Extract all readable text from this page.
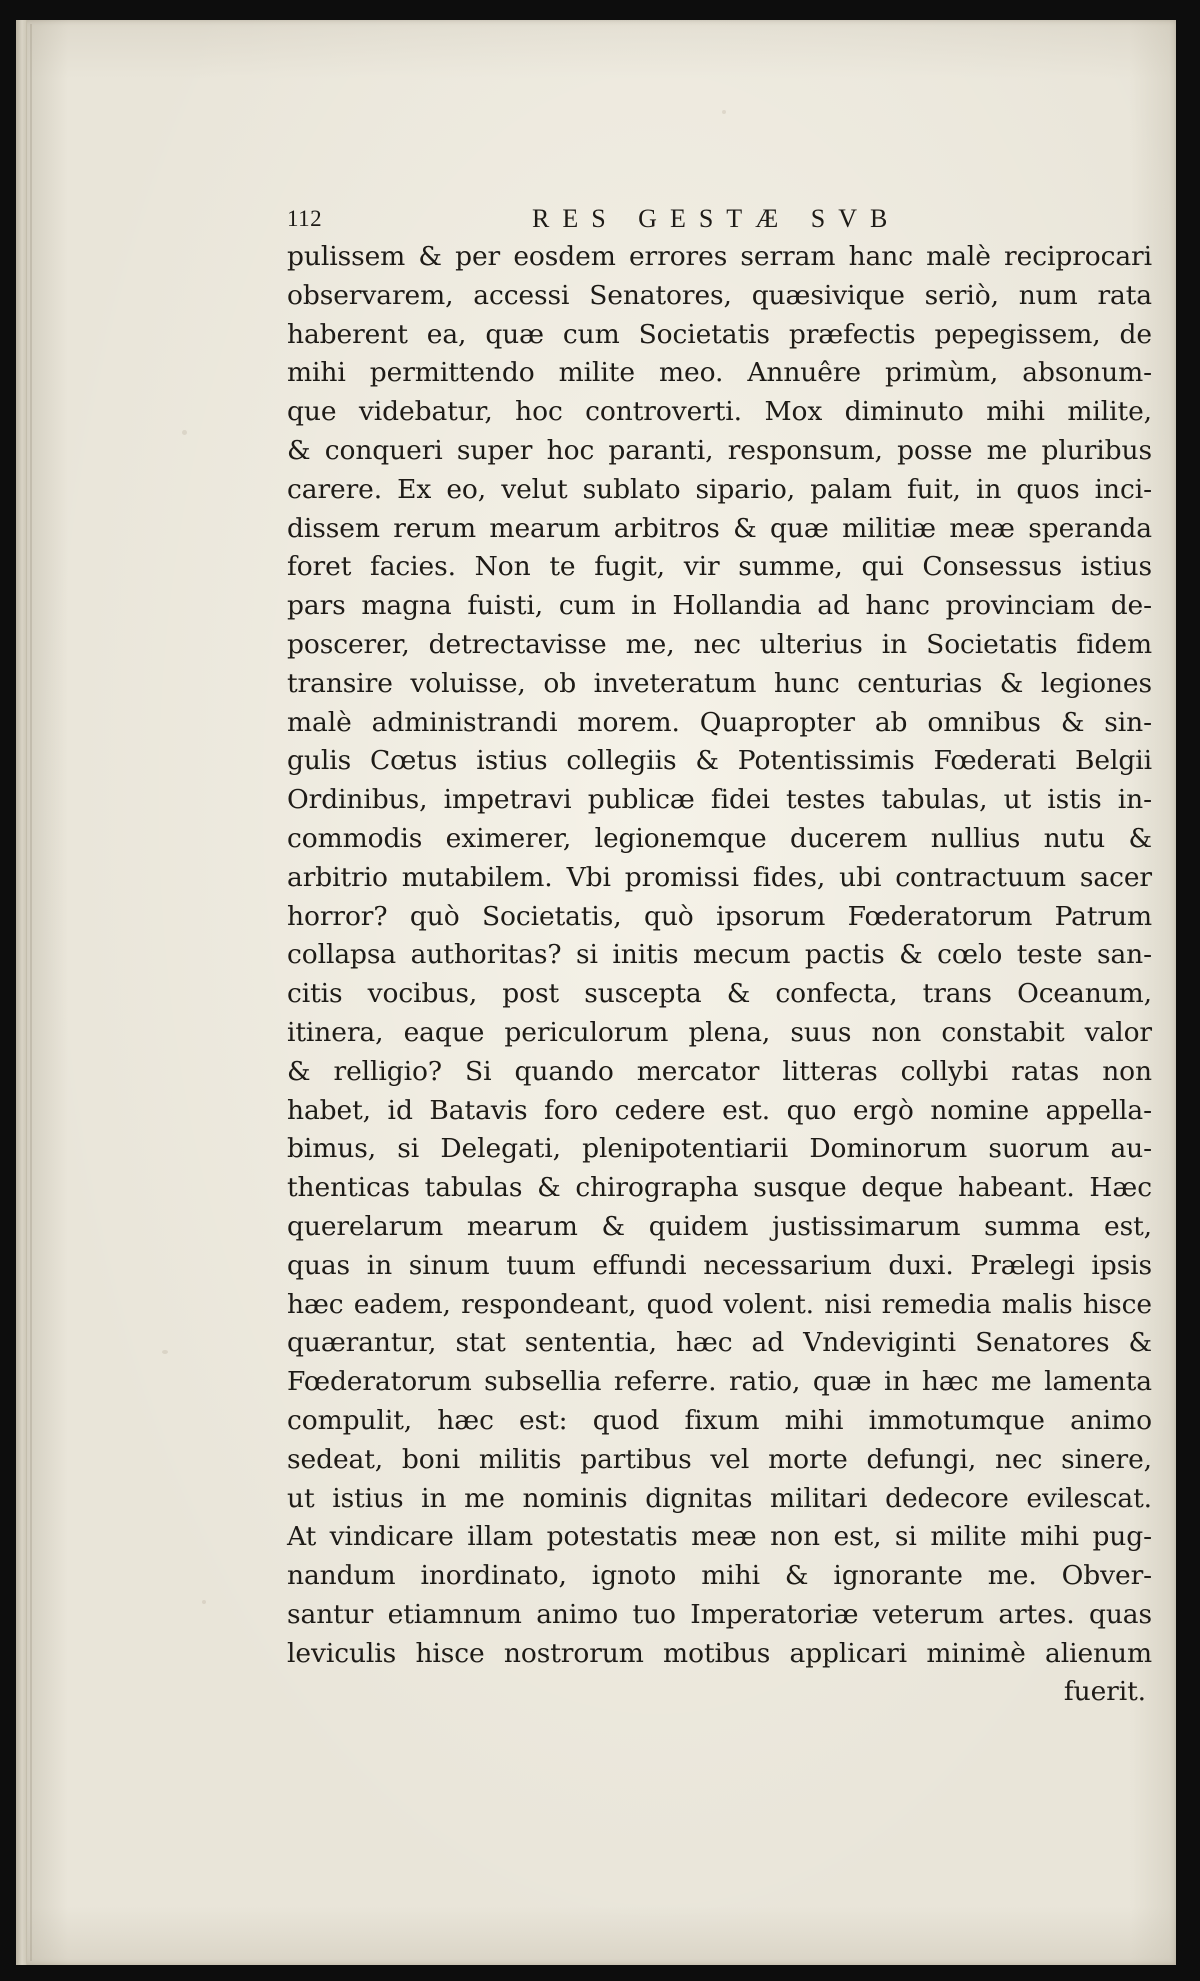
112	RES GESTÆ SVB
pulissem & per eosdem errores serram hanc malè reciprocari
observarem, accessi Senatores, quæsivique seriò, num rata
haberent ea, quæ cum Societatis præfectis pepegissem, de
mihi permittendo milite meo. Annuêre primùm, absonum-
que videbatur, hoc controverti. Mox diminuto mihi milite,
& conqueri super hoc paranti, responsum, posse me pluribus
carere. Ex eo, velut sublato sipario, palam fuit, in quos inci-
dissem rerum mearum arbitros & quæ militiæ meæ speranda
foret facies. Non te fugit, vir summe, qui Consessus istius
pars magna fuisti, cum in Hollandia ad hanc provinciam de-
poscerer, detrectavisse me, nec ulterius in Societatis fidem
transire voluisse, ob inveteratum hunc centurias & legiones
malè administrandi morem. Quapropter ab omnibus & sin-
gulis Cœtus istius collegiis & Potentissimis Fœderati Belgii
Ordinibus, impetravi publicæ fidei testes tabulas, ut istis in-
commodis eximerer, legionemque ducerem nullius nutu &
arbitrio mutabilem. Vbi promissi fides, ubi contractuum sacer
horror? quò Societatis, quò ipsorum Fœderatorum Patrum
collapsa authoritas? si initis mecum pactis & cœlo teste san-
citis vocibus, post suscepta & confecta, trans Oceanum,
itinera, eaque periculorum plena, suus non constabit valor
& relligio? Si quando mercator litteras collybi ratas non
habet, id Batavis foro cedere est. quo ergò nomine appella-
bimus, si Delegati, plenipotentiarii Dominorum suorum au-
thenticas tabulas & chirographa susque deque habeant. Hæc
querelarum mearum & quidem justissimarum summa est,
quas in sinum tuum effundi necessarium duxi. Prælegi ipsis
hæc eadem, respondeant, quod volent. nisi remedia malis hisce
quærantur, stat sententia, hæc ad Vndeviginti Senatores &
Fœderatorum subsellia referre. ratio, quæ in hæc me lamenta
compulit, hæc est: quod fixum mihi immotumque animo
sedeat, boni militis partibus vel morte defungi, nec sinere,
ut istius in me nominis dignitas militari dedecore evilescat.
At vindicare illam potestatis meæ non est, si milite mihi pug-
nandum inordinato, ignoto mihi & ignorante me. Obver-
santur etiamnum animo tuo Imperatoriæ veterum artes. quas
leviculis hisce nostrorum motibus applicari minimè alienum
fuerit.
